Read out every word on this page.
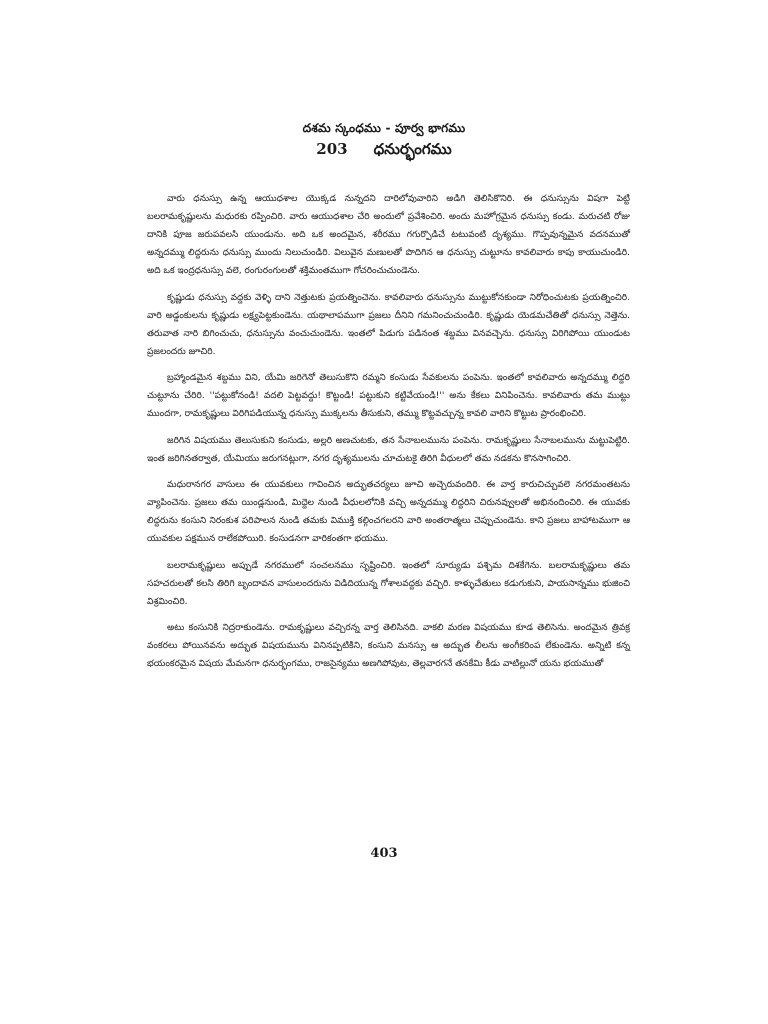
దశమ స్కంధము - పూర్వ భాగము
203 ధనుర్భంగము

వారు ధనుస్సు ఉన్న ఆయుధశాల యొక్కడ నున్నదని దారిలోవువారిని అడిగి తెలిసికొనిరి. ఈ ధనుస్సును విషగా పెట్టి బలరామకృష్ణులను మధురకు రప్పించిరి. వారు ఆయుధశాల చేరి అందులో ప్రవేశించిరి. అందు మహోగ్రమైన ధనుస్సు కండు. మరుచటి రోజు దానికి పూజ జరుపవలసి యుండును. అది ఒక అందమైన, శరీరము గగుర్పొడిచే టటువంటి దృశ్యము. గొప్పవున్నమైన వదనముతో అన్నదమ్ము లిద్దరును ధనుస్సు ముందు నిలుచుండిరి. విలువైన మణులతో పొదిగిన ఆ ధనుస్సు చుట్టూను కావలివారు కాపు కాయుచుండిరి. అది ఒక ఇంద్రధనుస్సు వలె, రంగురంగులతో శక్తిమంతముగా గోచరించుచుండెను.

కృష్ణుడు ధనుస్సు వద్దకు వెళ్ళి దాని నెత్తుటకు ప్రయత్నించెను. కావలివారు ధనుస్సును ముట్టుకోనకుండా నిరోధించుటకు ప్రయత్నించిరి. వారి అడ్డంకులను కృష్ణుడు లక్ష్యపెట్టకుండెను. యథాలాపముగా ప్రజలు దీనిని గమనించుచుండిరి. కృష్ణుడు యెడమచేతితో ధనుస్సు నెత్తెను. తరువాత నారి బిగించుచు, ధనుస్సును వంచుచుండెను. ఇంతలో పిడుగు పడినంత శబ్దము వినవచ్చెను. ధనుస్సు విరిగిపోయి యుండుట ప్రజలందరు జూచిరి.

బ్రహ్మాండమైన శబ్దము విని, యేమి జరిగెనో తెలుసుకొని రమ్మని కంసుడు సేవకులను పంపెను. ఇంతలో కావలివారు అన్నదమ్ము లిద్దరి చుట్టూను చేరిరి. ''పట్టుకోనండి! వదలి పెట్టవద్దు! కొట్టండి! పట్టుకుని కట్టివేయండి!'' అను కేకలు వినిపించెను. కావలివారు తమ ముట్టు ముందగా, రామకృష్ణులు విరిగిపడియున్న ధనుస్సు ముక్కలను తీసుకుని, తమ్ము కొట్టవచ్చున్న కావలి వారిని కొట్టుట ప్రారంభించిరి.

జరిగిన విషయము తెలుసుకుని కంసుడు, అల్లరి అణచుటకు, తన సేనాబలమును పంపెను. రామకృష్ణులు సేనాబలమును మట్టుపెట్టిరి. ఇంత జరిగినతర్వాత, యేమియు జరుగనట్లుగా, నగర దృశ్యములను చూచుటకై తిరిగి వీధులలో తమ నడకను కొనసాగించిరి.

మధురానగర వాసులు ఈ యువకులు గావించిన అద్భుతచర్యలు జూచి అచ్చెరువందిరి. ఈ వార్త కారుచిచ్చువలె నగరమంతటను వ్యాపించెను. ప్రజలు తమ యిండ్లనుండి, మిద్దెల నుండి వీధులలోనికి వచ్చి అన్నదమ్ము లిద్దరిని చిరునవ్వులతో అభినందించిరి. ఈ యువకు లిద్దరును కంసుని నిరంకుశ పరిపాలన నుండి తమకు విముక్తి కల్గించగలరని వారి అంతరాత్మలు చెప్పుచుండెను. కాని ప్రజలు బాహాటముగా ఆ యువకుల పక్షమున రాలేకపోయిరి. కంసుడనగా వారికంతగా భయము.

బలరామకృష్ణులు అప్పుడే నగరములో సంచలనము సృష్టించిరి. ఇంతలో సూర్యుడు పశ్చిమ దిశకేగెను. బలరామకృష్ణులు తమ సహచరులతో కలసి తిరిగి బృందావన వాసులందరును విడిదియున్న గోశాలవద్దకు వచ్చిరి. కాళ్ళుచేతులు కడుగుకుని, పాయసాన్నము భుజించి విశ్రమించిరి.

అటు కంసునికి నిద్రరాకుండెను. రామకృష్ణులు వచ్చిరన్న వార్త తెలిసినది. వాకలి మరణ విషయము కూడ తెలిసెను. అందమైన త్రివక్ర వంకరలు పోయినవను అద్భుత విషయమును వినినప్పటికిని, కంసుని మనస్సు ఆ అద్భుత లీలను అంగీకరింప లేకుండెను. అన్నిటి కన్న భయంకరమైన విషయ మేమనగా ధనుర్భంగము, రాజసైన్యము అణగిపోవుట, తెల్లవారగనే తనకేమి కీడు వాటిల్లునో యను భయముతో

403
